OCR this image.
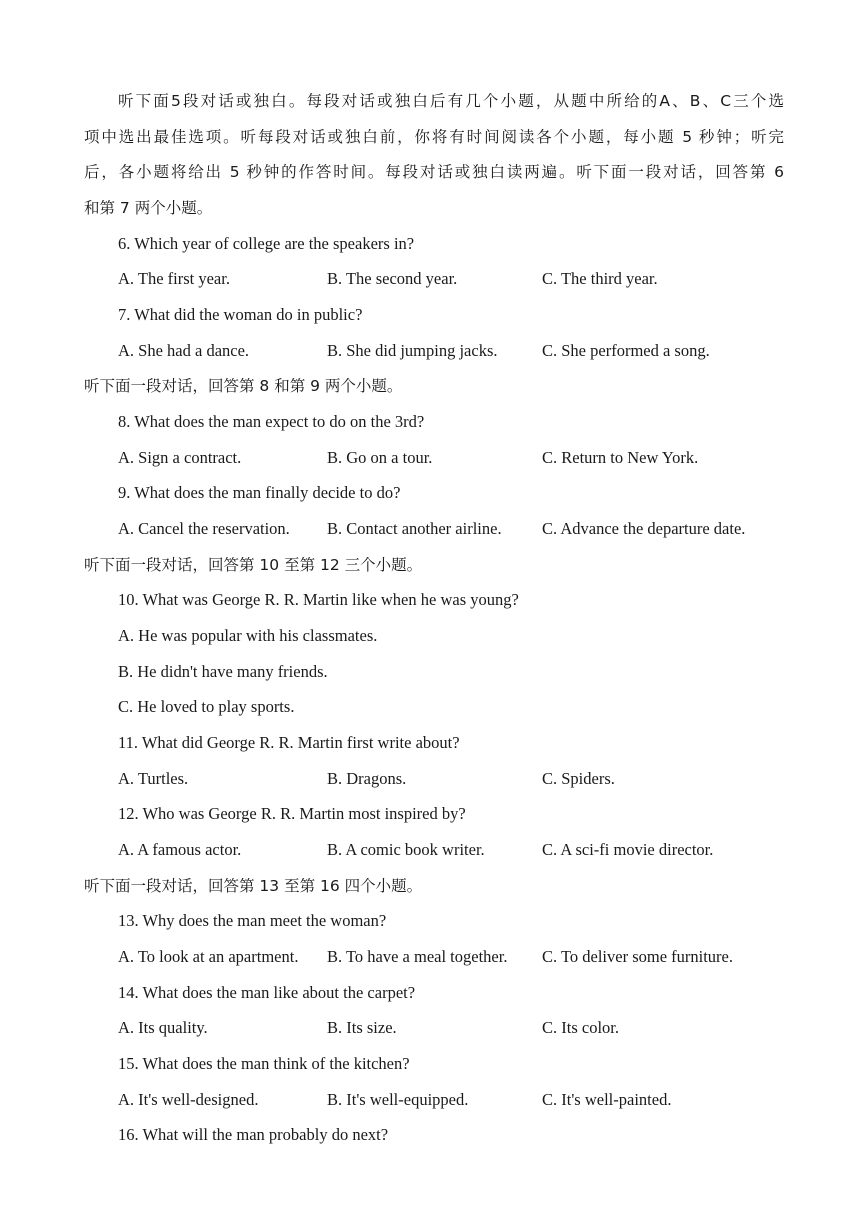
听下面5段对话或独白。每段对话或独白后有几个小题，从题中所给的A、B、C三个选
项中选出最佳选项。听每段对话或独白前，你将有时间阅读各个小题，每小题 5 秒钟；听完
后，各小题将给出 5 秒钟的作答时间。每段对话或独白读两遍。听下面一段对话，回答第 6
和第 7 两个小题。
6. Which year of college are the speakers in?
A. The first year.	B. The second year.	C. The third year.
7. What did the woman do in public?
A. She had a dance.	B. She did jumping jacks.	C. She performed a song.
听下面一段对话，回答第 8 和第 9 两个小题。
8. What does the man expect to do on the 3rd?
A. Sign a contract.	B. Go on a tour.	C. Return to New York.
9. What does the man finally decide to do?
A. Cancel the reservation. B. Contact another airline. C. Advance the departure date.
听下面一段对话，回答第 10 至第 12 三个小题。
10. What was George R. R. Martin like when he was young?
A. He was popular with his classmates.
B. He didn't have many friends.
C. He loved to play sports.
11. What did George R. R. Martin first write about?
A. Turtles.	B. Dragons.	C. Spiders.
12. Who was George R. R. Martin most inspired by?
A. A famous actor.	B. A comic book writer.	C. A sci-fi movie director.
听下面一段对话，回答第 13 至第 16 四个小题。
13. Why does the man meet the woman?
A. To look at an apartment. B. To have a meal together. C. To deliver some furniture.
14. What does the man like about the carpet?
A. Its quality.	B. Its size.	C. Its color.
15. What does the man think of the kitchen?
A. It's well-designed.	B. It's well-equipped.	C. It's well-painted.
16. What will the man probably do next?
